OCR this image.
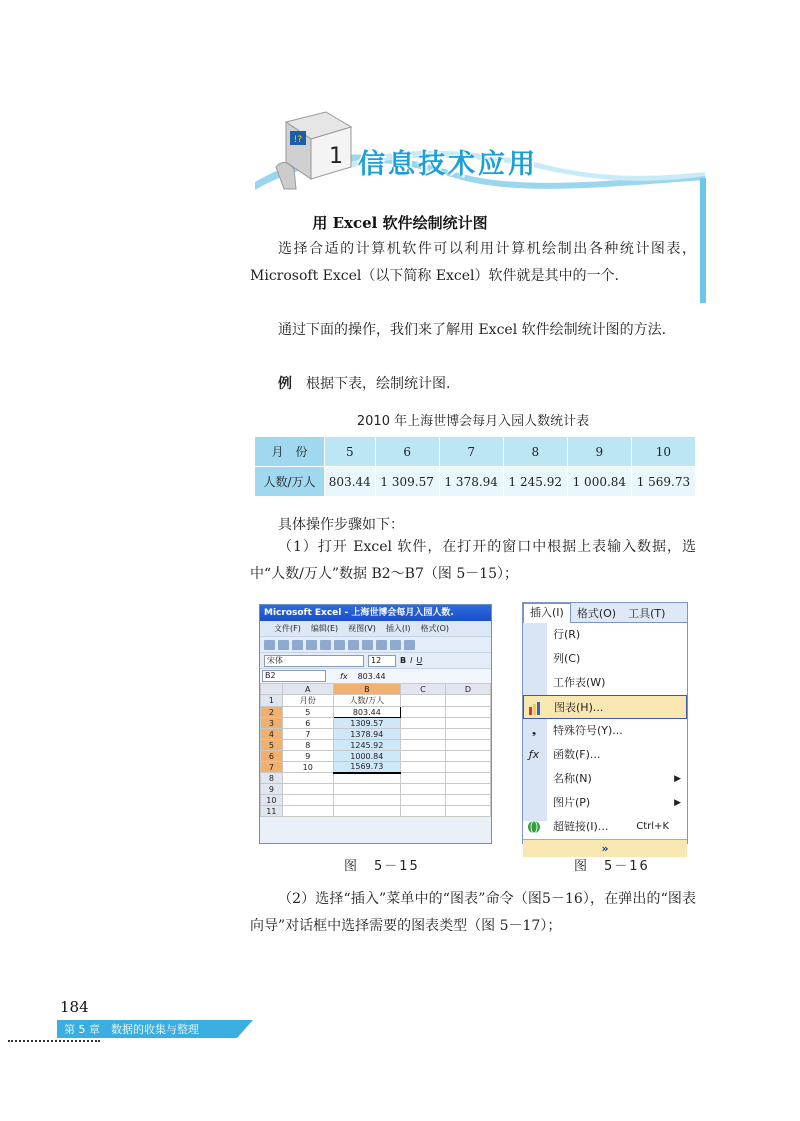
!?
1 信息技术应用
用 Excel 软件绘制统计图
选择合适的计算机软件可以利用计算机绘制出各种统计图表，Microsoft Excel（以下简称 Excel）软件就是其中的一个.
通过下面的操作，我们来了解用 Excel 软件绘制统计图的方法.
例　 根据下表，绘制统计图.
2010 年上海世博会每月入园人数统计表
月　份	5	6	7	8	9	10
人数/万人	803.44	1 309.57	1 378.94	1 245.92	1 000.84	1 569.73
具体操作步骤如下：
（1）打开 Excel 软件，在打开的窗口中根据上表输入数据，选中“人数/万人”数据 B2～B7（图 5－15）；
Microsoft Excel - 上海世博会每月入园人数.
文件(F) 编辑(E) 视图(V) 插入(I) 格式(O)
宋体	12	B I U
B2	fx 803.44
	A	B	C	D
1	月份	人数/万人		
2	5	803.44		
3	6	1309.57		
4	7	1378.94		
5	8	1245.92		
6	9	1000.84		
7	10	1569.73		
8				
9				
10				
11				
插入(I)	格式(O)	工具(T)
行(R)
列(C)
工作表(W)
图表(H)...
❟	特殊符号(Y)...
ƒx 函数(F)...
名称(N)	▶
图片(P)	▶
超链接(I)...	Ctrl+K
»
图　5－15	图　5－16
（2）选择“插入”菜单中的“图表”命令（图5－16），在弹出的“图表向导”对话框中选择需要的图表类型（图 5－17）；
184
第 5 章　数据的收集与整理
